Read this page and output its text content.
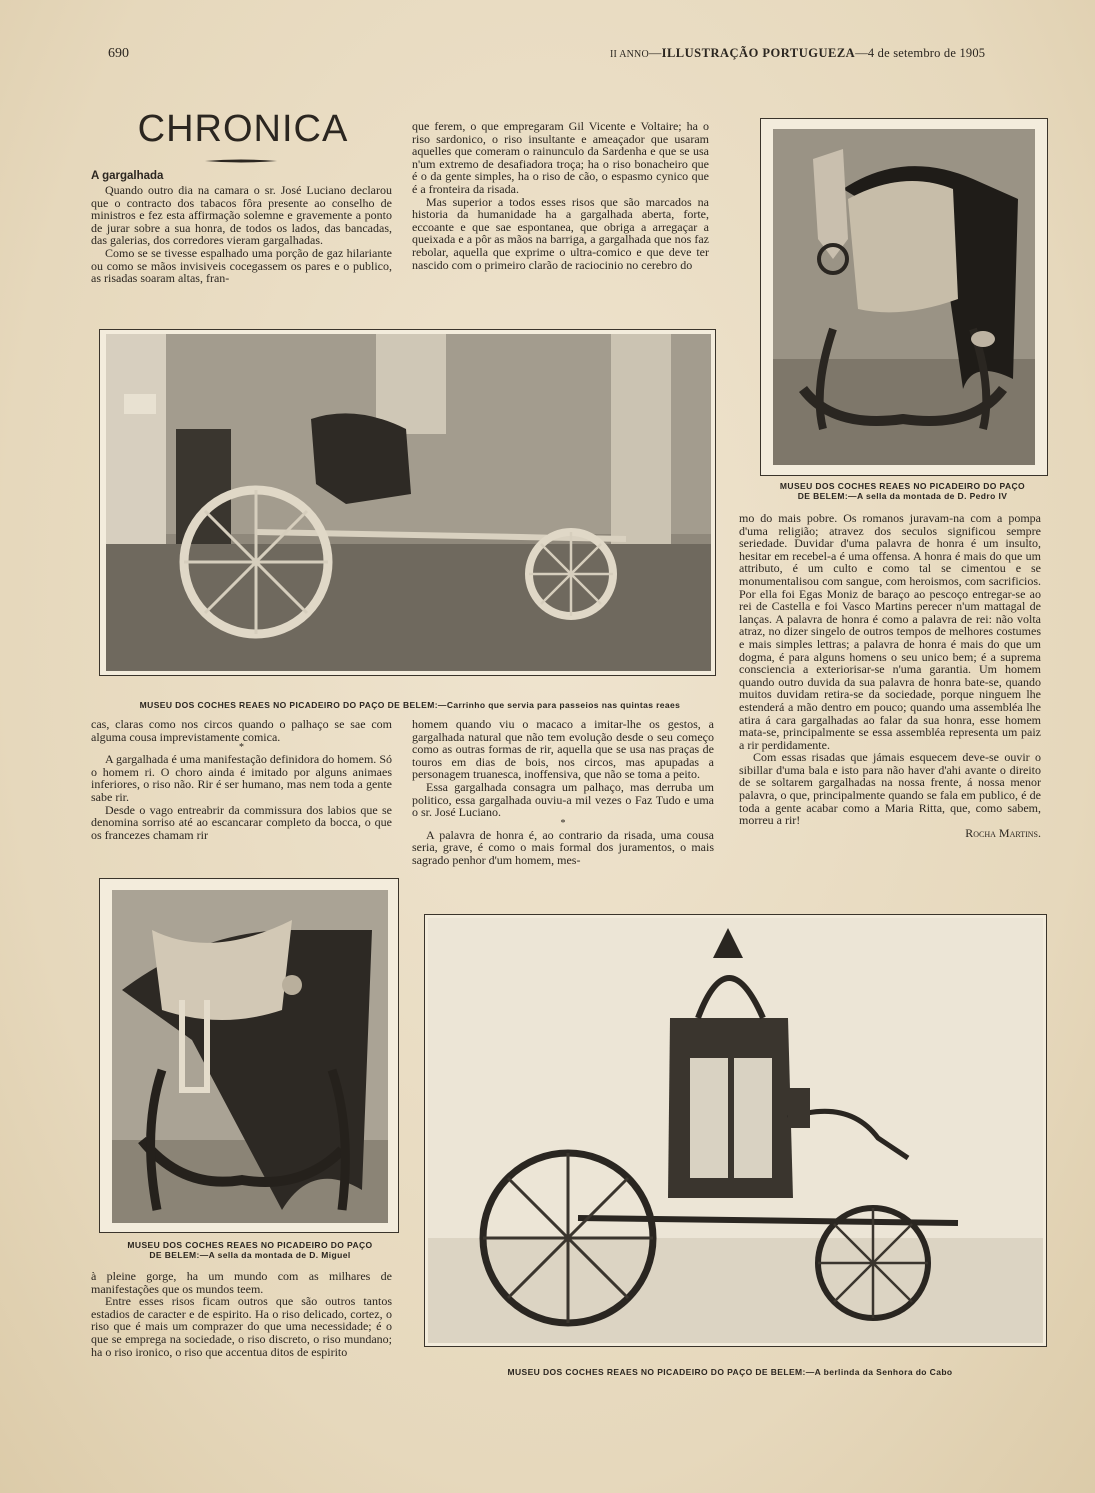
690	II ANNO—ILLUSTRAÇÃO PORTUGUEZA—4 de setembro de 1905
CHRONICA
A gargalhada

Quando outro dia na camara o sr. José Luciano declarou que o contracto dos tabacos fôra presente ao conselho de ministros e fez esta affirmação solemne e gravemente a ponto de jurar sobre a sua honra, de todos os lados, das bancadas, das galerias, dos corredores vieram gargalhadas.

Como se se tivesse espalhado uma porção de gaz hilariante ou como se mãos invisiveis cocegassem os pares e o publico, as risadas soaram altas, fran-

que ferem, o que empregaram Gil Vicente e Voltaire; ha o riso sardonico, o riso insultante e ameaçador que usaram aquelles que comeram o rainunculo da Sardenha e que se usa n'um extremo de desafiadora troça; ha o riso bonacheiro que é o da gente simples, ha o riso de cão, o espasmo cynico que é a fronteira da risada.

Mas superior a todos esses risos que são marcados na historia da humanidade ha a gargalhada aberta, forte, eccoante e que sae espontanea, que obriga a arregaçar a queixada e a pôr as mãos na barriga, a gargalhada que nos faz rebolar, aquella que exprime o ultra-comico e que deve ter nascido com o primeiro clarão de raciocinio no cerebro do

MUSEU DOS COCHES REAES NO PICADEIRO DO PAÇO
DE BELEM:—A sella da montada de D. Pedro IV
MUSEU DOS COCHES REAES NO PICADEIRO DO PAÇO DE BELEM:—Carrinho que servia para passeios nas quintas reaes

mo do mais pobre. Os romanos juravam-na com a pompa d'uma religião; atravez dos seculos significou sempre seriedade. Duvidar d'uma palavra de honra é um insulto, hesitar em recebel-a é uma offensa. A honra é mais do que um attributo, é um culto e como tal se cimentou e se monumentalisou com sangue, com heroismos, com sacrificios. Por ella foi Egas Moniz de baraço ao pescoço entregar-se ao rei de Castella e foi Vasco Martins perecer n'um mattagal de lanças. A palavra de honra é como a palavra de rei: não volta atraz, no dizer singelo de outros tempos de melhores costumes e mais simples lettras; a palavra de honra é mais do que um dogma, é para alguns homens o seu unico bem; é a suprema consciencia a exteriorisar-se n'uma garantia. Um homem quando outro duvida da sua palavra de honra bate-se, quando muitos duvidam retira-se da sociedade, porque ninguem lhe estenderá a mão dentro em pouco; quando uma assembléa lhe atira á cara gargalhadas ao falar da sua honra, esse homem mata-se, principalmente se essa assembléa representa um paiz a rir perdidamente.

Com essas risadas que jámais esquecem deve-se ouvir o sibillar d'uma bala e isto para não haver d'ahi avante o direito de se soltarem gargalhadas na nossa frente, á nossa menor palavra, o que, principalmente quando se fala em publico, é de toda a gente acabar como a Maria Ritta, que, como sabem, morreu a rir!

Rocha Martins.

cas, claras como nos circos quando o palhaço se sae com alguma cousa imprevistamente comica.

*

A gargalhada é uma manifestação definidora do homem. Só o homem ri. O choro ainda é imitado por alguns animaes inferiores, o riso não. Rir é ser humano, mas nem toda a gente sabe rir.

Desde o vago entreabrir da commissura dos labios que se denomina sorriso até ao escancarar completo da bocca, o que os francezes chamam rir

homem quando viu o macaco a imitar-lhe os gestos, a gargalhada natural que não tem evolução desde o seu começo como as outras formas de rir, aquella que se usa nas praças de touros em dias de bois, nos circos, mas apupadas a personagem truanesca, inoffensiva, que não se toma a peito.

Essa gargalhada consagra um palhaço, mas derruba um politico, essa gargalhada ouviu-a mil vezes o Faz Tudo e uma o sr. José Luciano.

*

A palavra de honra é, ao contrario da risada, uma cousa seria, grave, é como o mais formal dos juramentos, o mais sagrado penhor d'um homem, mes-

MUSEU DOS COCHES REAES NO PICADEIRO DO PAÇO
DE BELEM:—A sella da montada de D. Miguel

à pleine gorge, ha um mundo com as milhares de manifestações que os mundos teem.

Entre esses risos ficam outros que são outros tantos estadios de caracter e de espirito. Ha o riso delicado, cortez, o riso que é mais um comprazer do que uma necessidade; é o que se emprega na sociedade, o riso discreto, o riso mundano; ha o riso ironico, o riso que accentua ditos de espirito

MUSEU DOS COCHES REAES NO PICADEIRO DO PAÇO DE BELEM:—A berlinda da Senhora do Cabo
